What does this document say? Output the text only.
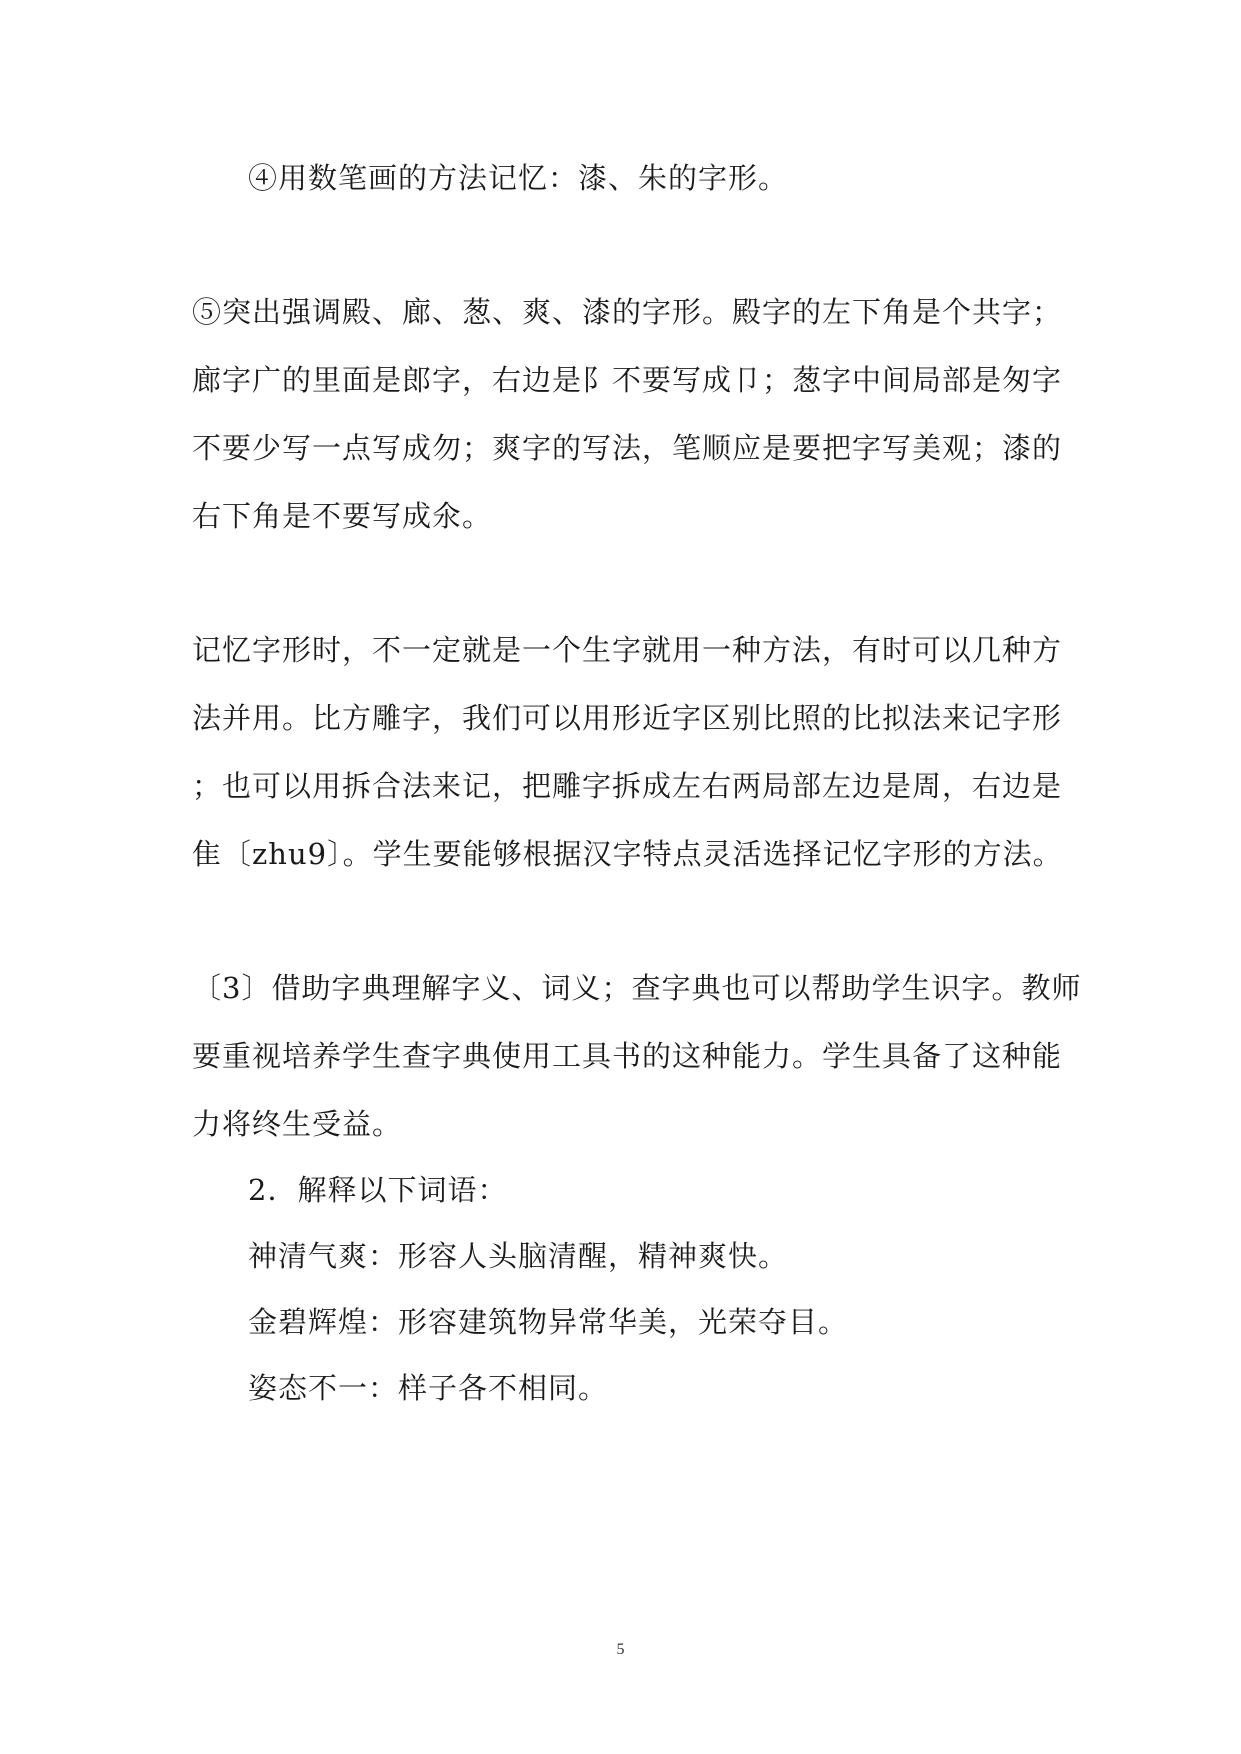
④用数笔画的方法记忆：漆、朱的字形。
⑤突出强调殿、廊、葱、爽、漆的字形。殿字的左下角是个共字；
廊字广的里面是郎字，右边是阝不要写成卩；葱字中间局部是匆字
不要少写一点写成勿；爽字的写法，笔顺应是要把字写美观；漆的
右下角是不要写成氽。
记忆字形时，不一定就是一个生字就用一种方法，有时可以几种方
法并用。比方雕字，我们可以用形近字区别比照的比拟法来记字形
；也可以用拆合法来记，把雕字拆成左右两局部左边是周，右边是
隹〔zhu9〕。学生要能够根据汉字特点灵活选择记忆字形的方法。
〔3〕借助字典理解字义、词义；查字典也可以帮助学生识字。教师
要重视培养学生查字典使用工具书的这种能力。学生具备了这种能
力将终生受益。
2．解释以下词语：
神清气爽：形容人头脑清醒，精神爽快。
金碧辉煌：形容建筑物异常华美，光荣夺目。
姿态不一：样子各不相同。
5
